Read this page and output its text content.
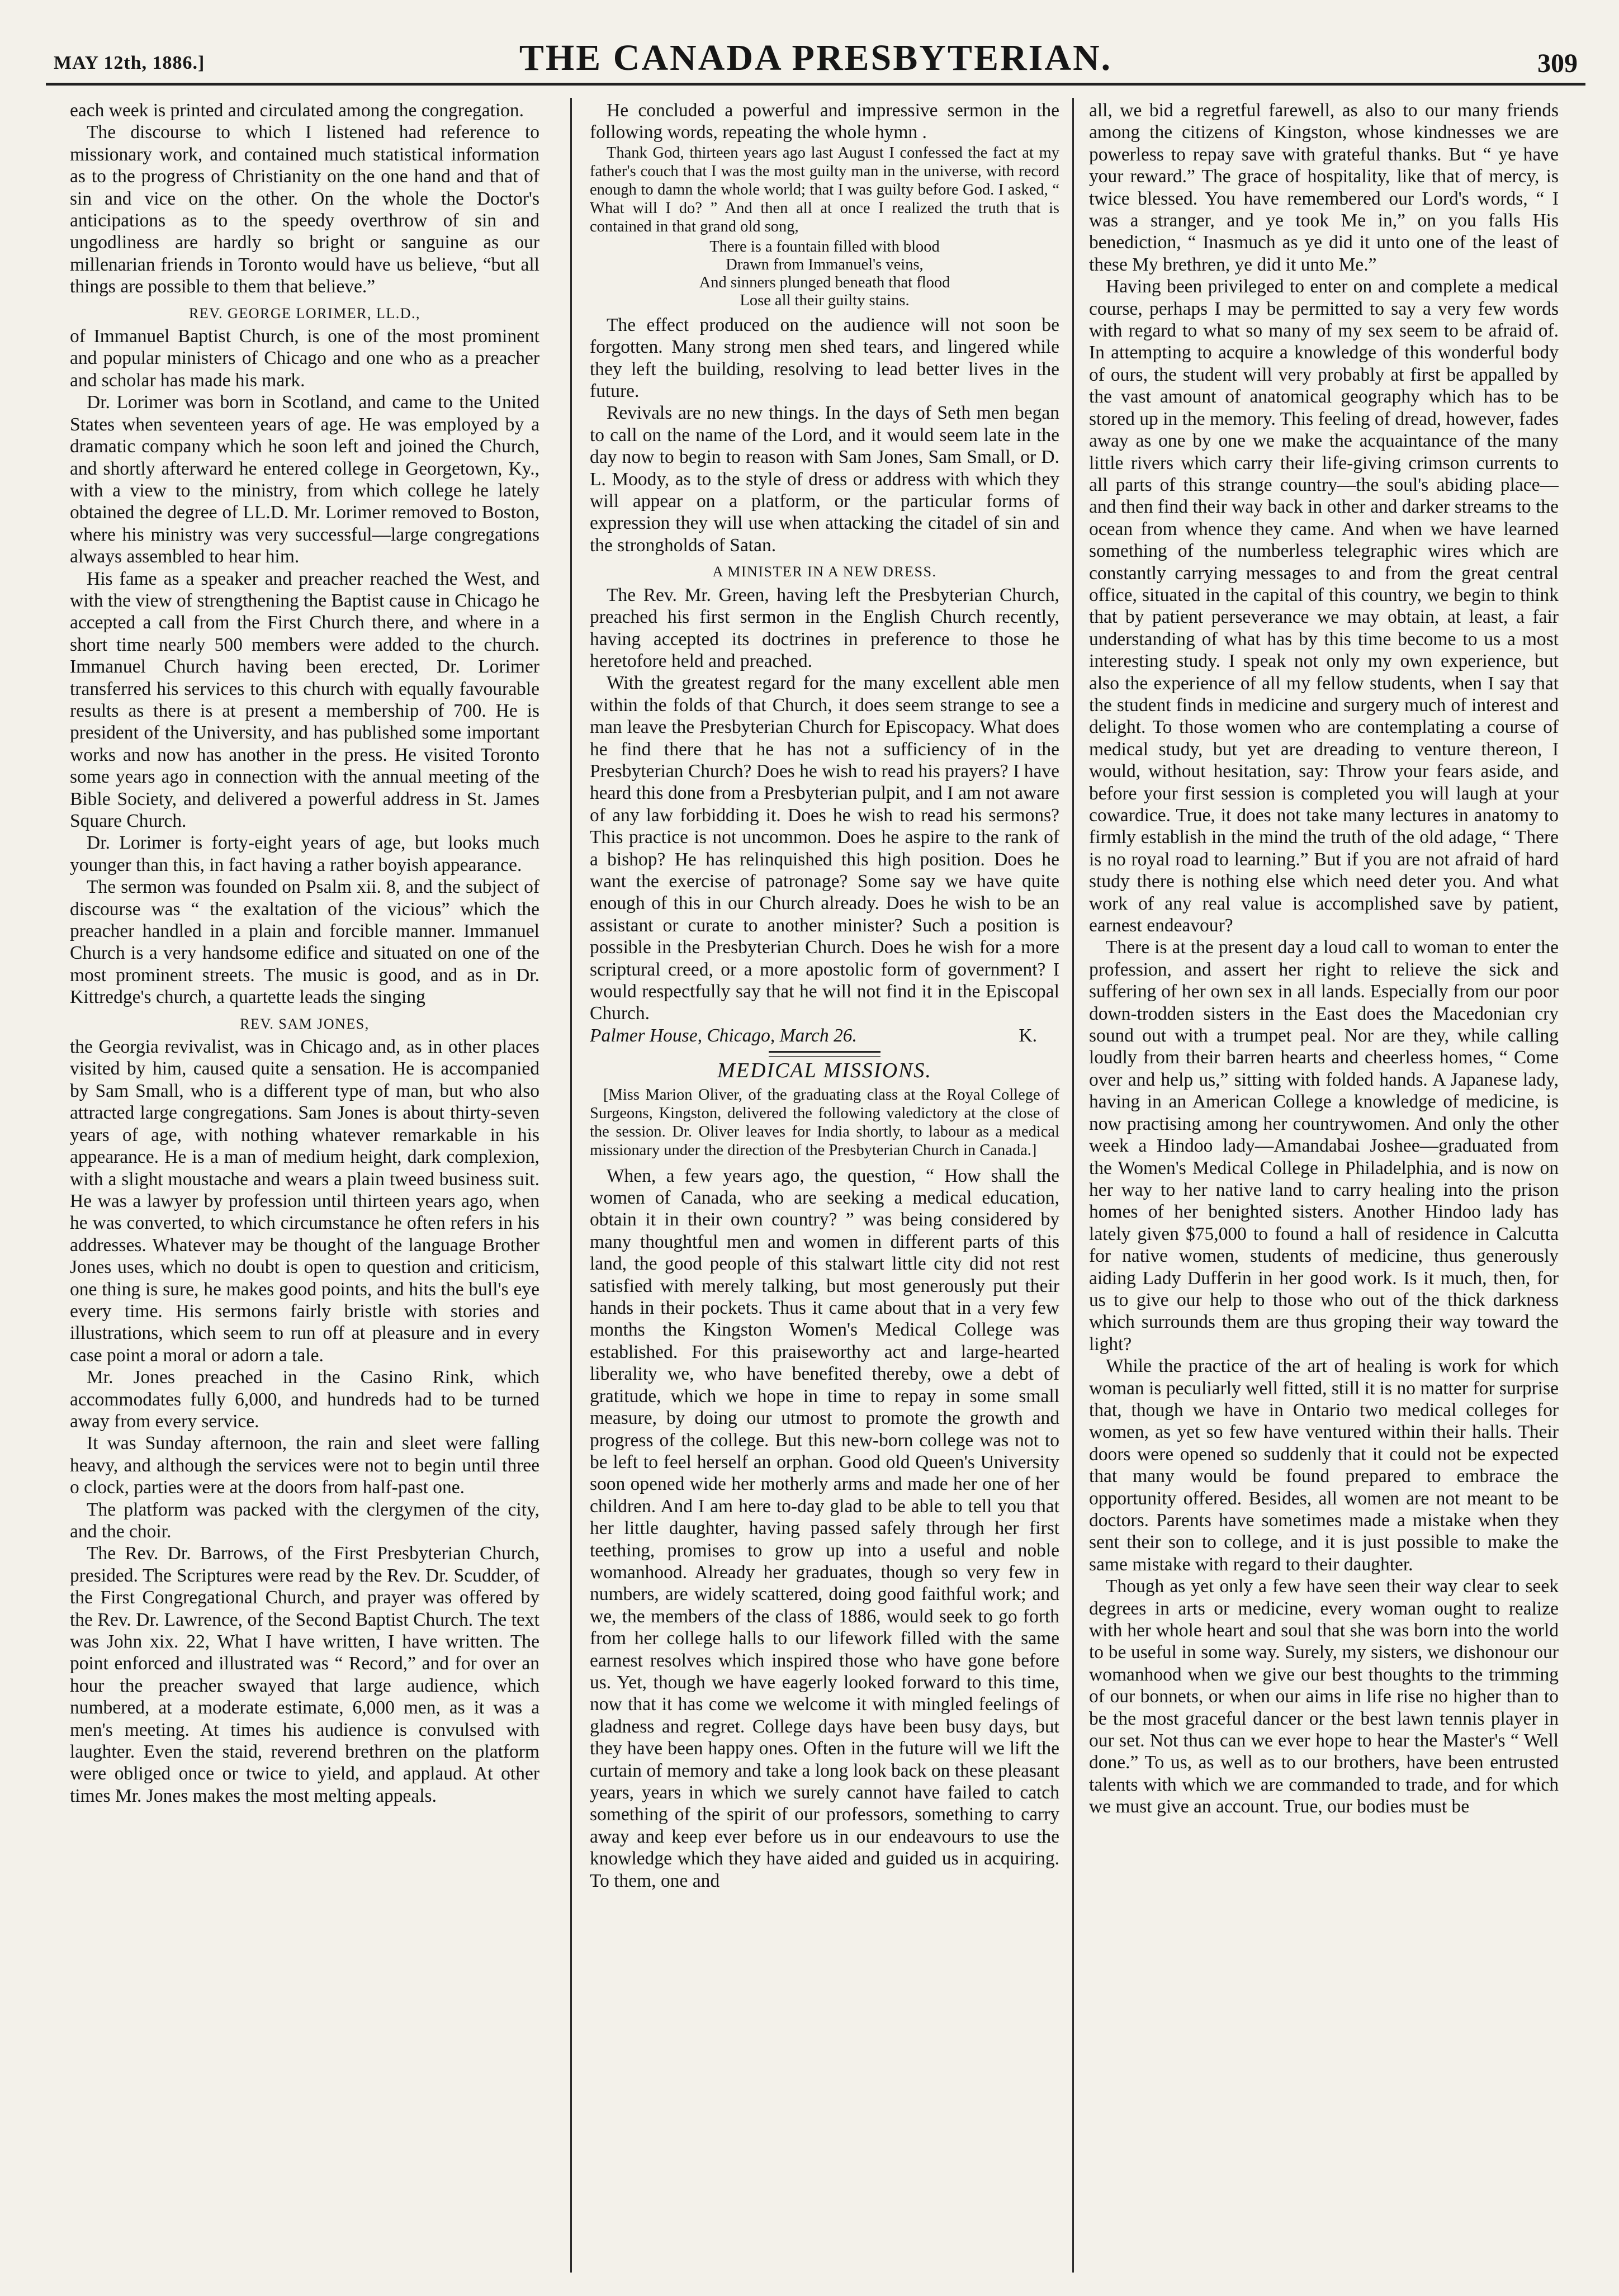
MAY 12th, 1886.]	THE CANADA PRESBYTERIAN.	309

each week is printed and circulated among the congregation.

The discourse to which I listened had reference to missionary work, and contained much statistical information as to the progress of Christianity on the one hand and that of sin and vice on the other. On the whole the Doctor's anticipations as to the speedy overthrow of sin and ungodliness are hardly so bright or sanguine as our millenarian friends in Toronto would have us believe, “but all things are possible to them that believe.”

REV. GEORGE LORIMER, LL.D.,

of Immanuel Baptist Church, is one of the most prominent and popular ministers of Chicago and one who as a preacher and scholar has made his mark.

Dr. Lorimer was born in Scotland, and came to the United States when seventeen years of age. He was employed by a dramatic company which he soon left and joined the Church, and shortly afterward he entered college in Georgetown, Ky., with a view to the ministry, from which college he lately obtained the degree of LL.D. Mr. Lorimer removed to Boston, where his ministry was very successful—large congregations always assembled to hear him.

His fame as a speaker and preacher reached the West, and with the view of strengthening the Baptist cause in Chicago he accepted a call from the First Church there, and where in a short time nearly 500 members were added to the church. Immanuel Church having been erected, Dr. Lorimer transferred his services to this church with equally favourable results as there is at present a membership of 700. He is president of the University, and has published some important works and now has another in the press. He visited Toronto some years ago in connection with the annual meeting of the Bible Society, and delivered a powerful address in St. James Square Church.

Dr. Lorimer is forty-eight years of age, but looks much younger than this, in fact having a rather boyish appearance.

The sermon was founded on Psalm xii. 8, and the subject of discourse was “ the exaltation of the vicious” which the preacher handled in a plain and forcible manner. Immanuel Church is a very handsome edifice and situated on one of the most prominent streets. The music is good, and as in Dr. Kittredge's church, a quartette leads the singing

REV. SAM JONES,

the Georgia revivalist, was in Chicago and, as in other places visited by him, caused quite a sensation. He is accompanied by Sam Small, who is a different type of man, but who also attracted large congregations. Sam Jones is about thirty-seven years of age, with nothing whatever remarkable in his appearance. He is a man of medium height, dark complexion, with a slight moustache and wears a plain tweed business suit. He was a lawyer by profession until thirteen years ago, when he was converted, to which circumstance he often refers in his addresses. Whatever may be thought of the language Brother Jones uses, which no doubt is open to question and criticism, one thing is sure, he makes good points, and hits the bull's eye every time. His sermons fairly bristle with stories and illustrations, which seem to run off at pleasure and in every case point a moral or adorn a tale.

Mr. Jones preached in the Casino Rink, which accommodates fully 6,000, and hundreds had to be turned away from every service.

It was Sunday afternoon, the rain and sleet were falling heavy, and although the services were not to begin until three o clock, parties were at the doors from half-past one.

The platform was packed with the clergymen of the city, and the choir.

The Rev. Dr. Barrows, of the First Presbyterian Church, presided. The Scriptures were read by the Rev. Dr. Scudder, of the First Congregational Church, and prayer was offered by the Rev. Dr. Lawrence, of the Second Baptist Church. The text was John xix. 22, What I have written, I have written. The point enforced and illustrated was “ Record,” and for over an hour the preacher swayed that large audience, which numbered, at a moderate estimate, 6,000 men, as it was a men's meeting. At times his audience is convulsed with laughter. Even the staid, reverend brethren on the platform were obliged once or twice to yield, and applaud. At other times Mr. Jones makes the most melting appeals.

He concluded a powerful and impressive sermon in the following words, repeating the whole hymn .

Thank God, thirteen years ago last August I confessed the fact at my father's couch that I was the most guilty man in the universe, with record enough to damn the whole world; that I was guilty before God. I asked, “ What will I do? ” And then all at once I realized the truth that is contained in that grand old song,

There is a fountain filled with blood
Drawn from Immanuel's veins,
And sinners plunged beneath that flood
Lose all their guilty stains.

The effect produced on the audience will not soon be forgotten. Many strong men shed tears, and lingered while they left the building, resolving to lead better lives in the future.

Revivals are no new things. In the days of Seth men began to call on the name of the Lord, and it would seem late in the day now to begin to reason with Sam Jones, Sam Small, or D. L. Moody, as to the style of dress or address with which they will appear on a platform, or the particular forms of expression they will use when attacking the citadel of sin and the strongholds of Satan.

A MINISTER IN A NEW DRESS.

The Rev. Mr. Green, having left the Presbyterian Church, preached his first sermon in the English Church recently, having accepted its doctrines in preference to those he heretofore held and preached.

With the greatest regard for the many excellent able men within the folds of that Church, it does seem strange to see a man leave the Presbyterian Church for Episcopacy. What does he find there that he has not a sufficiency of in the Presbyterian Church? Does he wish to read his prayers? I have heard this done from a Presbyterian pulpit, and I am not aware of any law forbidding it. Does he wish to read his sermons? This practice is not uncommon. Does he aspire to the rank of a bishop? He has relinquished this high position. Does he want the exercise of patronage? Some say we have quite enough of this in our Church already. Does he wish to be an assistant or curate to another minister? Such a position is possible in the Presbyterian Church. Does he wish for a more scriptural creed, or a more apostolic form of government? I would respectfully say that he will not find it in the Episcopal Church.

K.
Palmer House, Chicago, March 26.

MEDICAL MISSIONS.

[Miss Marion Oliver, of the graduating class at the Royal College of Surgeons, Kingston, delivered the following valedictory at the close of the session. Dr. Oliver leaves for India shortly, to labour as a medical missionary under the direction of the Presbyterian Church in Canada.]

When, a few years ago, the question, “ How shall the women of Canada, who are seeking a medical education, obtain it in their own country? ” was being considered by many thoughtful men and women in different parts of this land, the good people of this stalwart little city did not rest satisfied with merely talking, but most generously put their hands in their pockets. Thus it came about that in a very few months the Kingston Women's Medical College was established. For this praiseworthy act and large-hearted liberality we, who have benefited thereby, owe a debt of gratitude, which we hope in time to repay in some small measure, by doing our utmost to promote the growth and progress of the college. But this new-born college was not to be left to feel herself an orphan. Good old Queen's University soon opened wide her motherly arms and made her one of her children. And I am here to-day glad to be able to tell you that her little daughter, having passed safely through her first teething, promises to grow up into a useful and noble womanhood. Already her graduates, though so very few in numbers, are widely scattered, doing good faithful work; and we, the members of the class of 1886, would seek to go forth from her college halls to our lifework filled with the same earnest resolves which inspired those who have gone before us. Yet, though we have eagerly looked forward to this time, now that it has come we welcome it with mingled feelings of gladness and regret. College days have been busy days, but they have been happy ones. Often in the future will we lift the curtain of memory and take a long look back on these pleasant years, years in which we surely cannot have failed to catch something of the spirit of our professors, something to carry away and keep ever before us in our endeavours to use the knowledge which they have aided and guided us in acquiring. To them, one and

all, we bid a regretful farewell, as also to our many friends among the citizens of Kingston, whose kindnesses we are powerless to repay save with grateful thanks. But “ ye have your reward.” The grace of hospitality, like that of mercy, is twice blessed. You have remembered our Lord's words, “ I was a stranger, and ye took Me in,” on you falls His benediction, “ Inasmuch as ye did it unto one of the least of these My brethren, ye did it unto Me.”

Having been privileged to enter on and complete a medical course, perhaps I may be permitted to say a very few words with regard to what so many of my sex seem to be afraid of. In attempting to acquire a knowledge of this wonderful body of ours, the student will very probably at first be appalled by the vast amount of anatomical geography which has to be stored up in the memory. This feeling of dread, however, fades away as one by one we make the acquaintance of the many little rivers which carry their life-giving crimson currents to all parts of this strange country—the soul's abiding place—and then find their way back in other and darker streams to the ocean from whence they came. And when we have learned something of the numberless telegraphic wires which are constantly carrying messages to and from the great central office, situated in the capital of this country, we begin to think that by patient perseverance we may obtain, at least, a fair understanding of what has by this time become to us a most interesting study. I speak not only my own experience, but also the experience of all my fellow students, when I say that the student finds in medicine and surgery much of interest and delight. To those women who are contemplating a course of medical study, but yet are dreading to venture thereon, I would, without hesitation, say: Throw your fears aside, and before your first session is completed you will laugh at your cowardice. True, it does not take many lectures in anatomy to firmly establish in the mind the truth of the old adage, “ There is no royal road to learning.” But if you are not afraid of hard study there is nothing else which need deter you. And what work of any real value is accomplished save by patient, earnest endeavour?

There is at the present day a loud call to woman to enter the profession, and assert her right to relieve the sick and suffering of her own sex in all lands. Especially from our poor down-trodden sisters in the East does the Macedonian cry sound out with a trumpet peal. Nor are they, while calling loudly from their barren hearts and cheerless homes, “ Come over and help us,” sitting with folded hands. A Japanese lady, having in an American College a knowledge of medicine, is now practising among her countrywomen. And only the other week a Hindoo lady—Amandabai Joshee—graduated from the Women's Medical College in Philadelphia, and is now on her way to her native land to carry healing into the prison homes of her benighted sisters. Another Hindoo lady has lately given $75,000 to found a hall of residence in Calcutta for native women, students of medicine, thus generously aiding Lady Dufferin in her good work. Is it much, then, for us to give our help to those who out of the thick darkness which surrounds them are thus groping their way toward the light?

While the practice of the art of healing is work for which woman is peculiarly well fitted, still it is no matter for surprise that, though we have in Ontario two medical colleges for women, as yet so few have ventured within their halls. Their doors were opened so suddenly that it could not be expected that many would be found prepared to embrace the opportunity offered. Besides, all women are not meant to be doctors. Parents have sometimes made a mistake when they sent their son to college, and it is just possible to make the same mistake with regard to their daughter.

Though as yet only a few have seen their way clear to seek degrees in arts or medicine, every woman ought to realize with her whole heart and soul that she was born into the world to be useful in some way. Surely, my sisters, we dishonour our womanhood when we give our best thoughts to the trimming of our bonnets, or when our aims in life rise no higher than to be the most graceful dancer or the best lawn tennis player in our set. Not thus can we ever hope to hear the Master's “ Well done.” To us, as well as to our brothers, have been entrusted talents with which we are commanded to trade, and for which we must give an account. True, our bodies must be
